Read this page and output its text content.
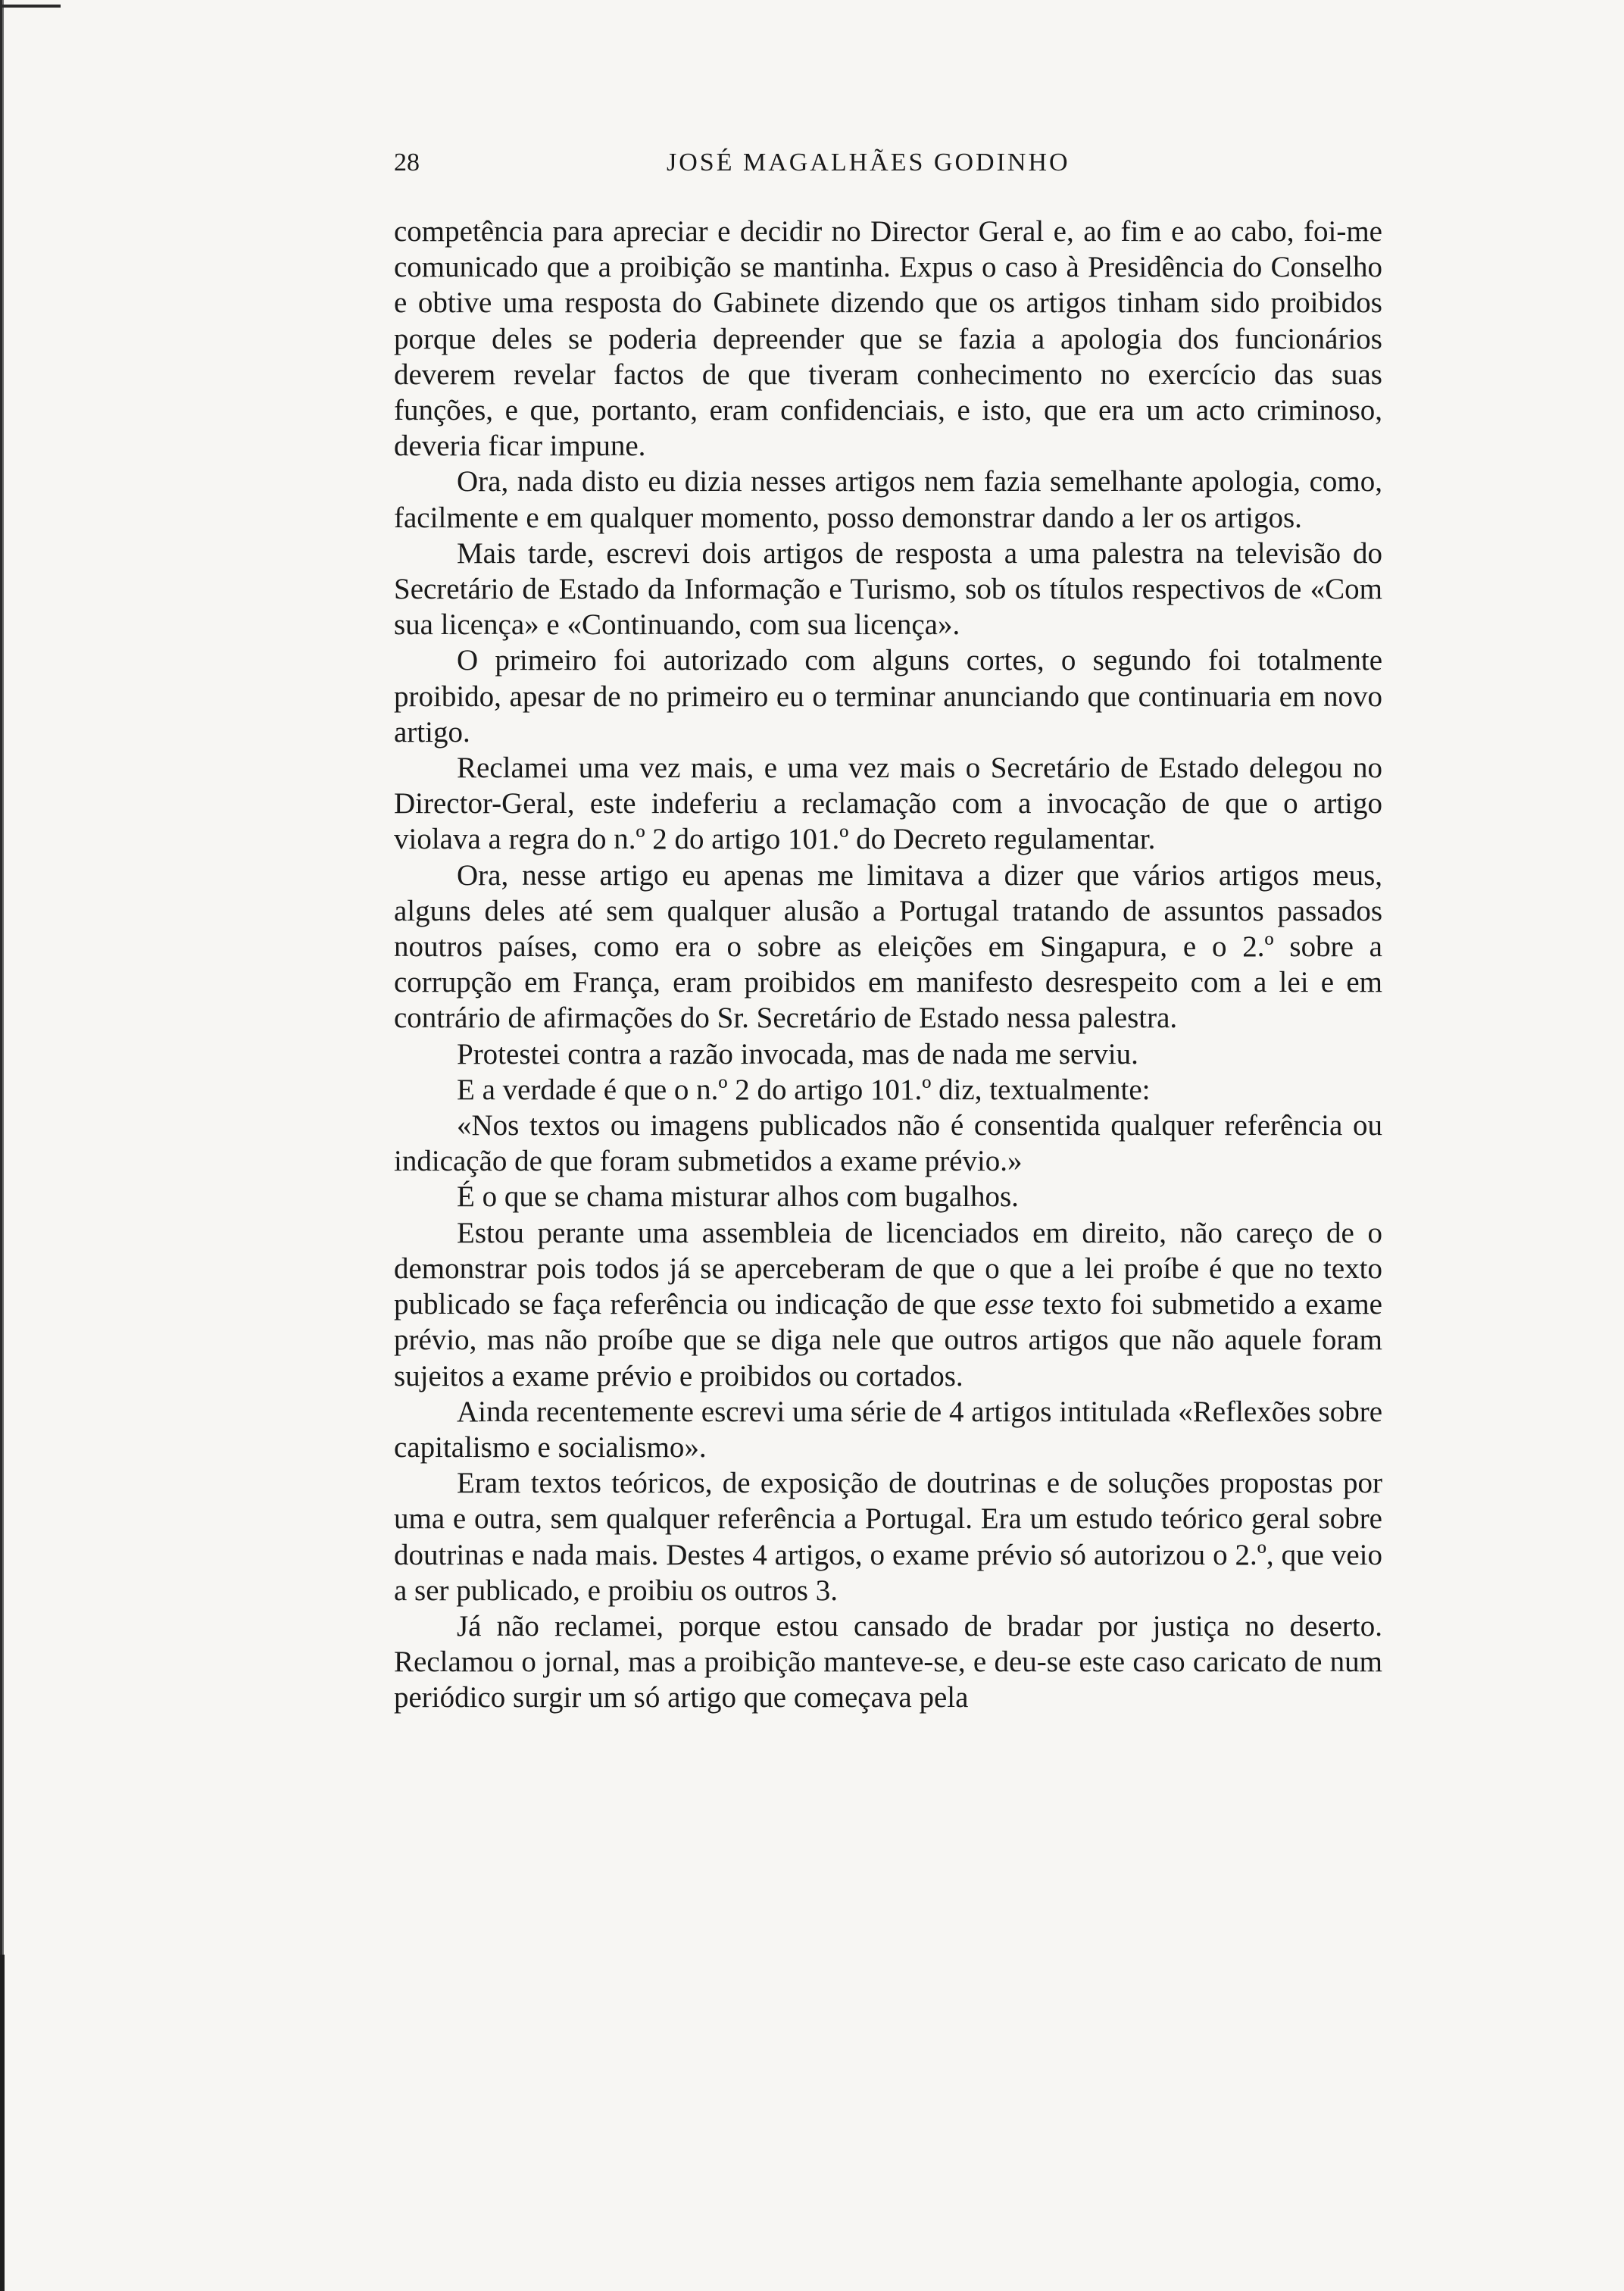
28	JOSÉ MAGALHÃES GODINHO

competência para apreciar e decidir no Director Geral e, ao fim e ao cabo, foi-me comunicado que a proibição se mantinha. Expus o caso à Presidência do Conselho e obtive uma resposta do Gabinete dizendo que os artigos tinham sido proibidos porque deles se poderia depreender que se fazia a apologia dos funcionários deverem revelar factos de que tiveram conhecimento no exercício das suas funções, e que, portanto, eram confidenciais, e isto, que era um acto criminoso, deveria ficar impune.

Ora, nada disto eu dizia nesses artigos nem fazia semelhante apologia, como, facilmente e em qualquer momento, posso demonstrar dando a ler os artigos.

Mais tarde, escrevi dois artigos de resposta a uma palestra na televisão do Secretário de Estado da Informação e Turismo, sob os títulos respectivos de «Com sua licença» e «Continuando, com sua licença».

O primeiro foi autorizado com alguns cortes, o segundo foi totalmente proibido, apesar de no primeiro eu o terminar anunciando que continuaria em novo artigo.

Reclamei uma vez mais, e uma vez mais o Secretário de Estado delegou no Director-Geral, este indeferiu a reclamação com a invocação de que o artigo violava a regra do n.º 2 do artigo 101.º do Decreto regulamentar.

Ora, nesse artigo eu apenas me limitava a dizer que vários artigos meus, alguns deles até sem qualquer alusão a Portugal tratando de assuntos passados noutros países, como era o sobre as eleições em Singapura, e o 2.º sobre a corrupção em França, eram proibidos em manifesto desrespeito com a lei e em contrário de afirmações do Sr. Secretário de Estado nessa palestra.

Protestei contra a razão invocada, mas de nada me serviu.

E a verdade é que o n.º 2 do artigo 101.º diz, textualmente:

«Nos textos ou imagens publicados não é consentida qualquer referência ou indicação de que foram submetidos a exame prévio.»

É o que se chama misturar alhos com bugalhos.

Estou perante uma assembleia de licenciados em direito, não careço de o demonstrar pois todos já se aperceberam de que o que a lei proíbe é que no texto publicado se faça referência ou indicação de que esse texto foi submetido a exame prévio, mas não proíbe que se diga nele que outros artigos que não aquele foram sujeitos a exame prévio e proibidos ou cortados.

Ainda recentemente escrevi uma série de 4 artigos intitulada «Reflexões sobre capitalismo e socialismo».

Eram textos teóricos, de exposição de doutrinas e de soluções propostas por uma e outra, sem qualquer referência a Portugal. Era um estudo teórico geral sobre doutrinas e nada mais. Destes 4 artigos, o exame prévio só autorizou o 2.º, que veio a ser publicado, e proibiu os outros 3.

Já não reclamei, porque estou cansado de bradar por justiça no deserto. Reclamou o jornal, mas a proibição manteve-se, e deu-se este caso caricato de num periódico surgir um só artigo que começava pela
